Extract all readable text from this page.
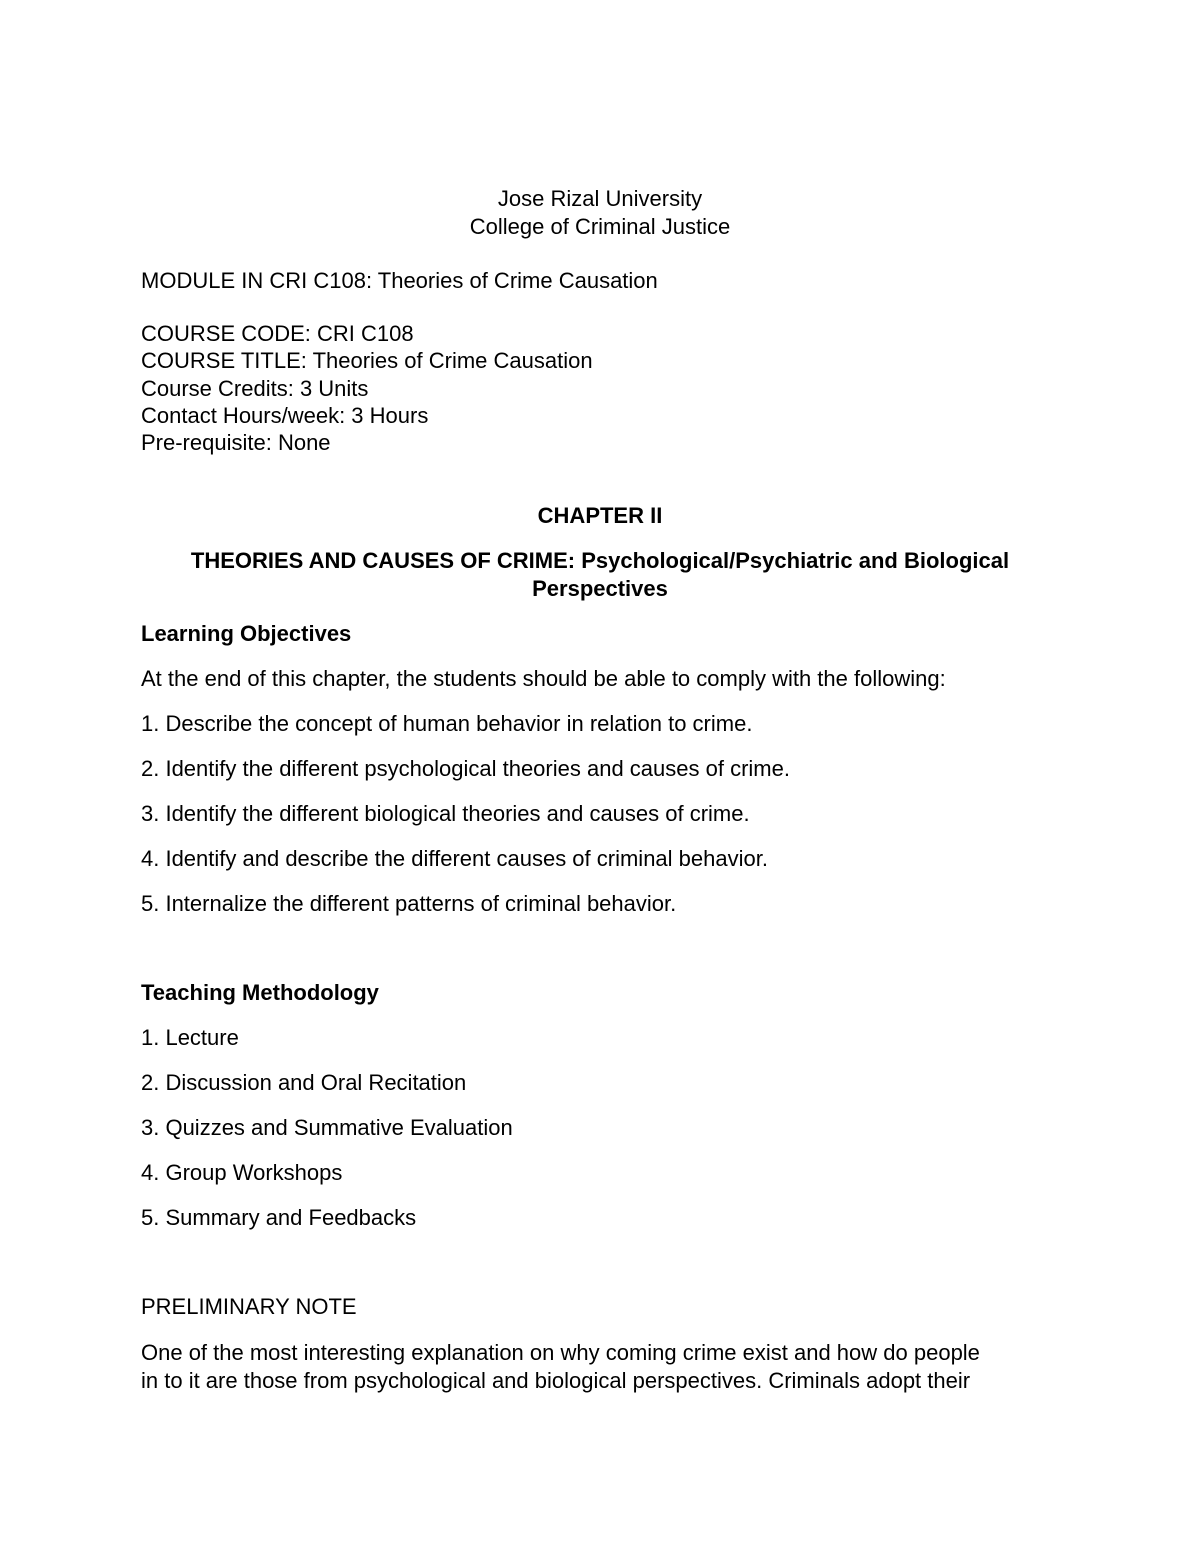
Jose Rizal University
College of Criminal Justice
MODULE IN CRI C108: Theories of Crime Causation
COURSE CODE: CRI C108
COURSE TITLE: Theories of Crime Causation
Course Credits: 3 Units
Contact Hours/week: 3 Hours
Pre-requisite: None
CHAPTER II
THEORIES AND CAUSES OF CRIME: Psychological/Psychiatric and Biological
Perspectives
Learning Objectives
At the end of this chapter, the students should be able to comply with the following:
1. Describe the concept of human behavior in relation to crime.
2. Identify the different psychological theories and causes of crime.
3. Identify the different biological theories and causes of crime.
4. Identify and describe the different causes of criminal behavior.
5. Internalize the different patterns of criminal behavior.
Teaching Methodology
1. Lecture
2. Discussion and Oral Recitation
3. Quizzes and Summative Evaluation
4. Group Workshops
5. Summary and Feedbacks
PRELIMINARY NOTE
One of the most interesting explanation on why coming crime exist and how do people
in to it are those from psychological and biological perspectives. Criminals adopt their
